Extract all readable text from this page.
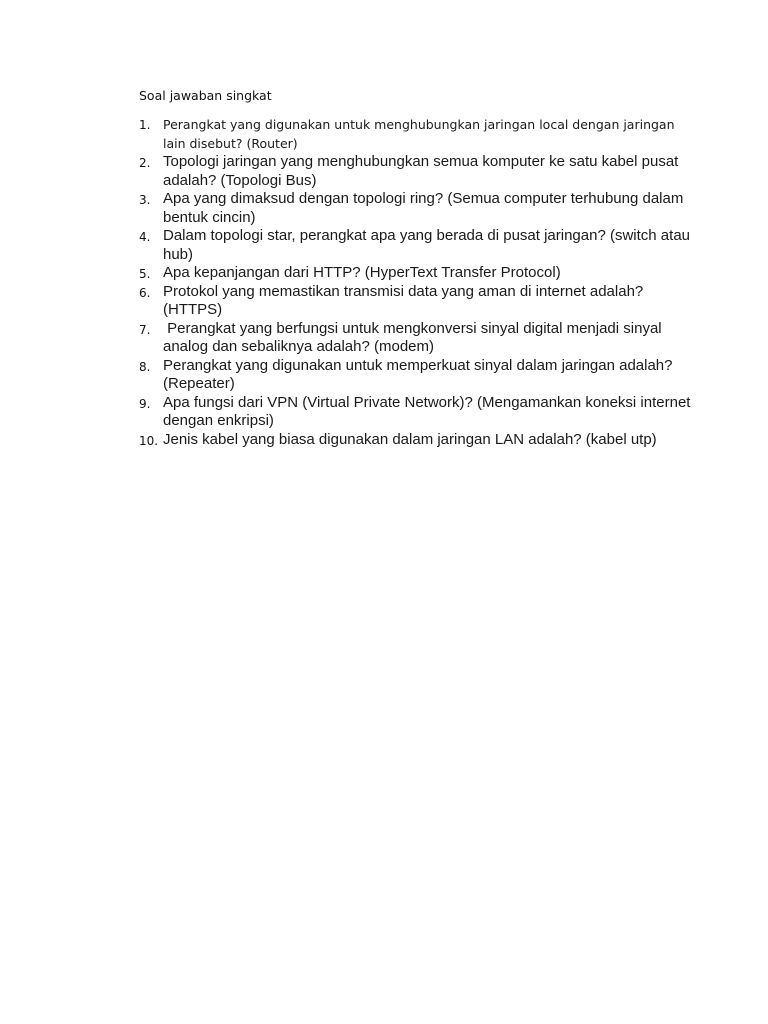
Soal jawaban singkat
1. Perangkat yang digunakan untuk menghubungkan jaringan local dengan jaringan lain disebut? (Router)
2. Topologi jaringan yang menghubungkan semua komputer ke satu kabel pusat adalah? (Topologi Bus)
3. Apa yang dimaksud dengan topologi ring? (Semua computer terhubung dalam bentuk cincin)
4. Dalam topologi star, perangkat apa yang berada di pusat jaringan? (switch atau hub)
5. Apa kepanjangan dari HTTP? (HyperText Transfer Protocol)
6. Protokol yang memastikan transmisi data yang aman di internet adalah? (HTTPS)
7. Perangkat yang berfungsi untuk mengkonversi sinyal digital menjadi sinyal analog dan sebaliknya adalah? (modem)
8. Perangkat yang digunakan untuk memperkuat sinyal dalam jaringan adalah? (Repeater)
9. Apa fungsi dari VPN (Virtual Private Network)? (Mengamankan koneksi internet dengan enkripsi)
10. Jenis kabel yang biasa digunakan dalam jaringan LAN adalah? (kabel utp)
